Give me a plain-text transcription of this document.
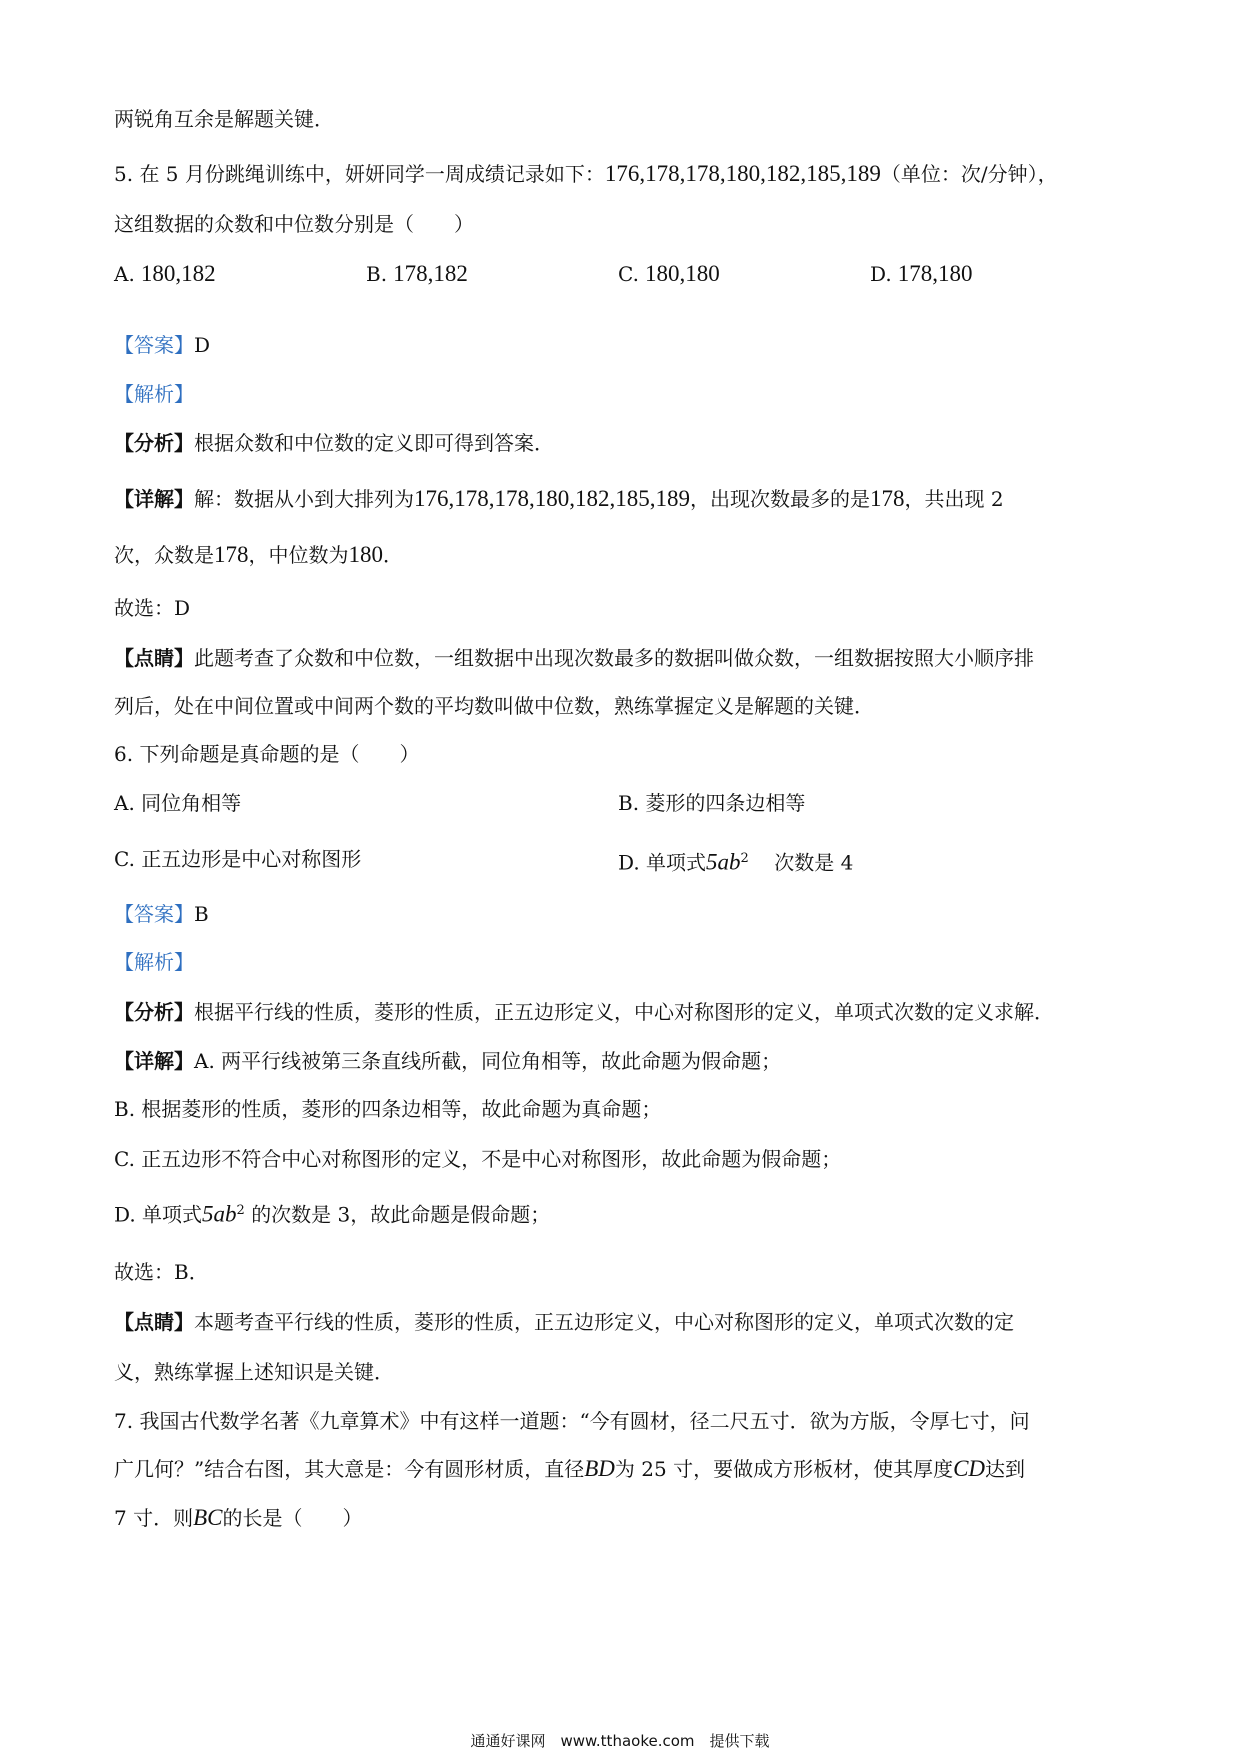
两锐角互余是解题关键．
5. 在 5 月份跳绳训练中，妍妍同学一周成绩记录如下：176,178,178,180,182,185,189（单位：次/分钟），
这组数据的众数和中位数分别是（　　）
A. 180,182	B. 178,182	C. 180,180	D. 178,180
【答案】D
【解析】
【分析】根据众数和中位数的定义即可得到答案．
【详解】解：数据从小到大排列为176,178,178,180,182,185,189，出现次数最多的是178，共出现 2
次，众数是178，中位数为180．
故选：D
【点睛】此题考查了众数和中位数，一组数据中出现次数最多的数据叫做众数，一组数据按照大小顺序排
列后，处在中间位置或中间两个数的平均数叫做中位数，熟练掌握定义是解题的关键．
6. 下列命题是真命题的是（　　）
A. 同位角相等	B. 菱形的四条边相等
C. 正五边形是中心对称图形	D. 单项式$5ab^2$ 次数是 4
【答案】B
【解析】
【分析】根据平行线的性质，菱形的性质，正五边形定义，中心对称图形的定义，单项式次数的定义求解．
【详解】A. 两平行线被第三条直线所截，同位角相等，故此命题为假命题；
B. 根据菱形的性质，菱形的四条边相等，故此命题为真命题；
C. 正五边形不符合中心对称图形的定义，不是中心对称图形，故此命题为假命题；
D. 单项式$5ab^2$ 的次数是 3，故此命题是假命题；
故选：B．
【点睛】本题考查平行线的性质，菱形的性质，正五边形定义，中心对称图形的定义，单项式次数的定
义，熟练掌握上述知识是关键．
7. 我国古代数学名著《九章算术》中有这样一道题：“今有圆材，径二尺五寸．欲为方版，令厚七寸，问
广几何？”结合右图，其大意是：今有圆形材质，直径BD为 25 寸，要做成方形板材，使其厚度CD达到
7 寸．则BC的长是（　　）
通通好课网　www.tthaoke.com　提供下载
